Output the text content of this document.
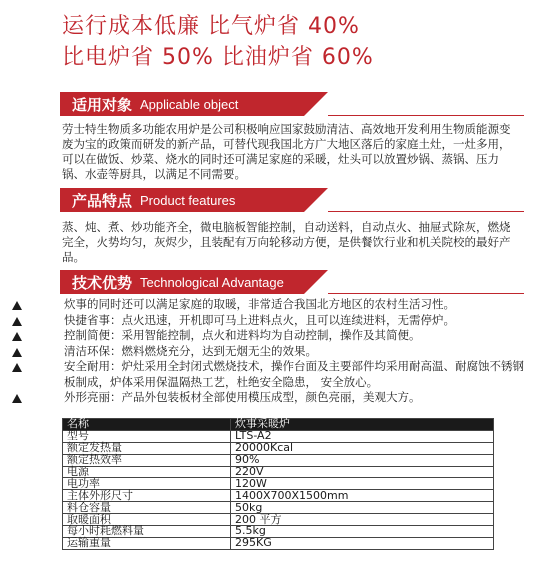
运行成本低廉 比气炉省 40%
比电炉省 50% 比油炉省 60%
适用对象 Applicable object

劳士特生物质多功能农用炉是公司积极响应国家鼓励清洁、高效地开发利用生物质能源变废为宝的政策而研发的新产品，可替代现我国北方广大地区落后的家庭土灶，一灶多用，可以在做饭、炒菜、烧水的同时还可满足家庭的采暖，灶头可以放置炒锅、蒸锅、压力锅、水壶等厨具，以满足不同需要。

产品特点 Product features

蒸、炖、煮、炒功能齐全，微电脑板智能控制，自动送料，自动点火、抽屉式除灰，燃烧完全，火势均匀，灰烬少，且装配有万向轮移动方便，是供餐饮行业和机关院校的最好产品。

技术优势 Technological Advantage
炊事的同时还可以满足家庭的取暖，非常适合我国北方地区的农村生活习性。
快捷省事：点火迅速，开机即可马上进料点火，且可以连续进料，无需停炉。
控制简便：采用智能控制，点火和进料均为自动控制，操作及其简便。
清洁环保：燃料燃烧充分，达到无烟无尘的效果。
安全耐用：炉灶采用全封闭式燃烧技术，操作台面及主要部件均采用耐高温、耐腐蚀不锈钢板制成，炉体采用保温隔热工艺，杜绝安全隐患， 安全放心。
外形亮丽：产品外包装板材全部使用模压成型，颜色亮丽，美观大方。
名称	炊事采暖炉
型号	LTS-A2
额定发热量	20000Kcal
额定热效率	90%
电源	220V
电功率	120W
主体外形尺寸	1400X700X1500mm
料仓容量	50kg
取暖面积	200 平方
每小时耗燃料量	5.5kg
运输重量	295KG
